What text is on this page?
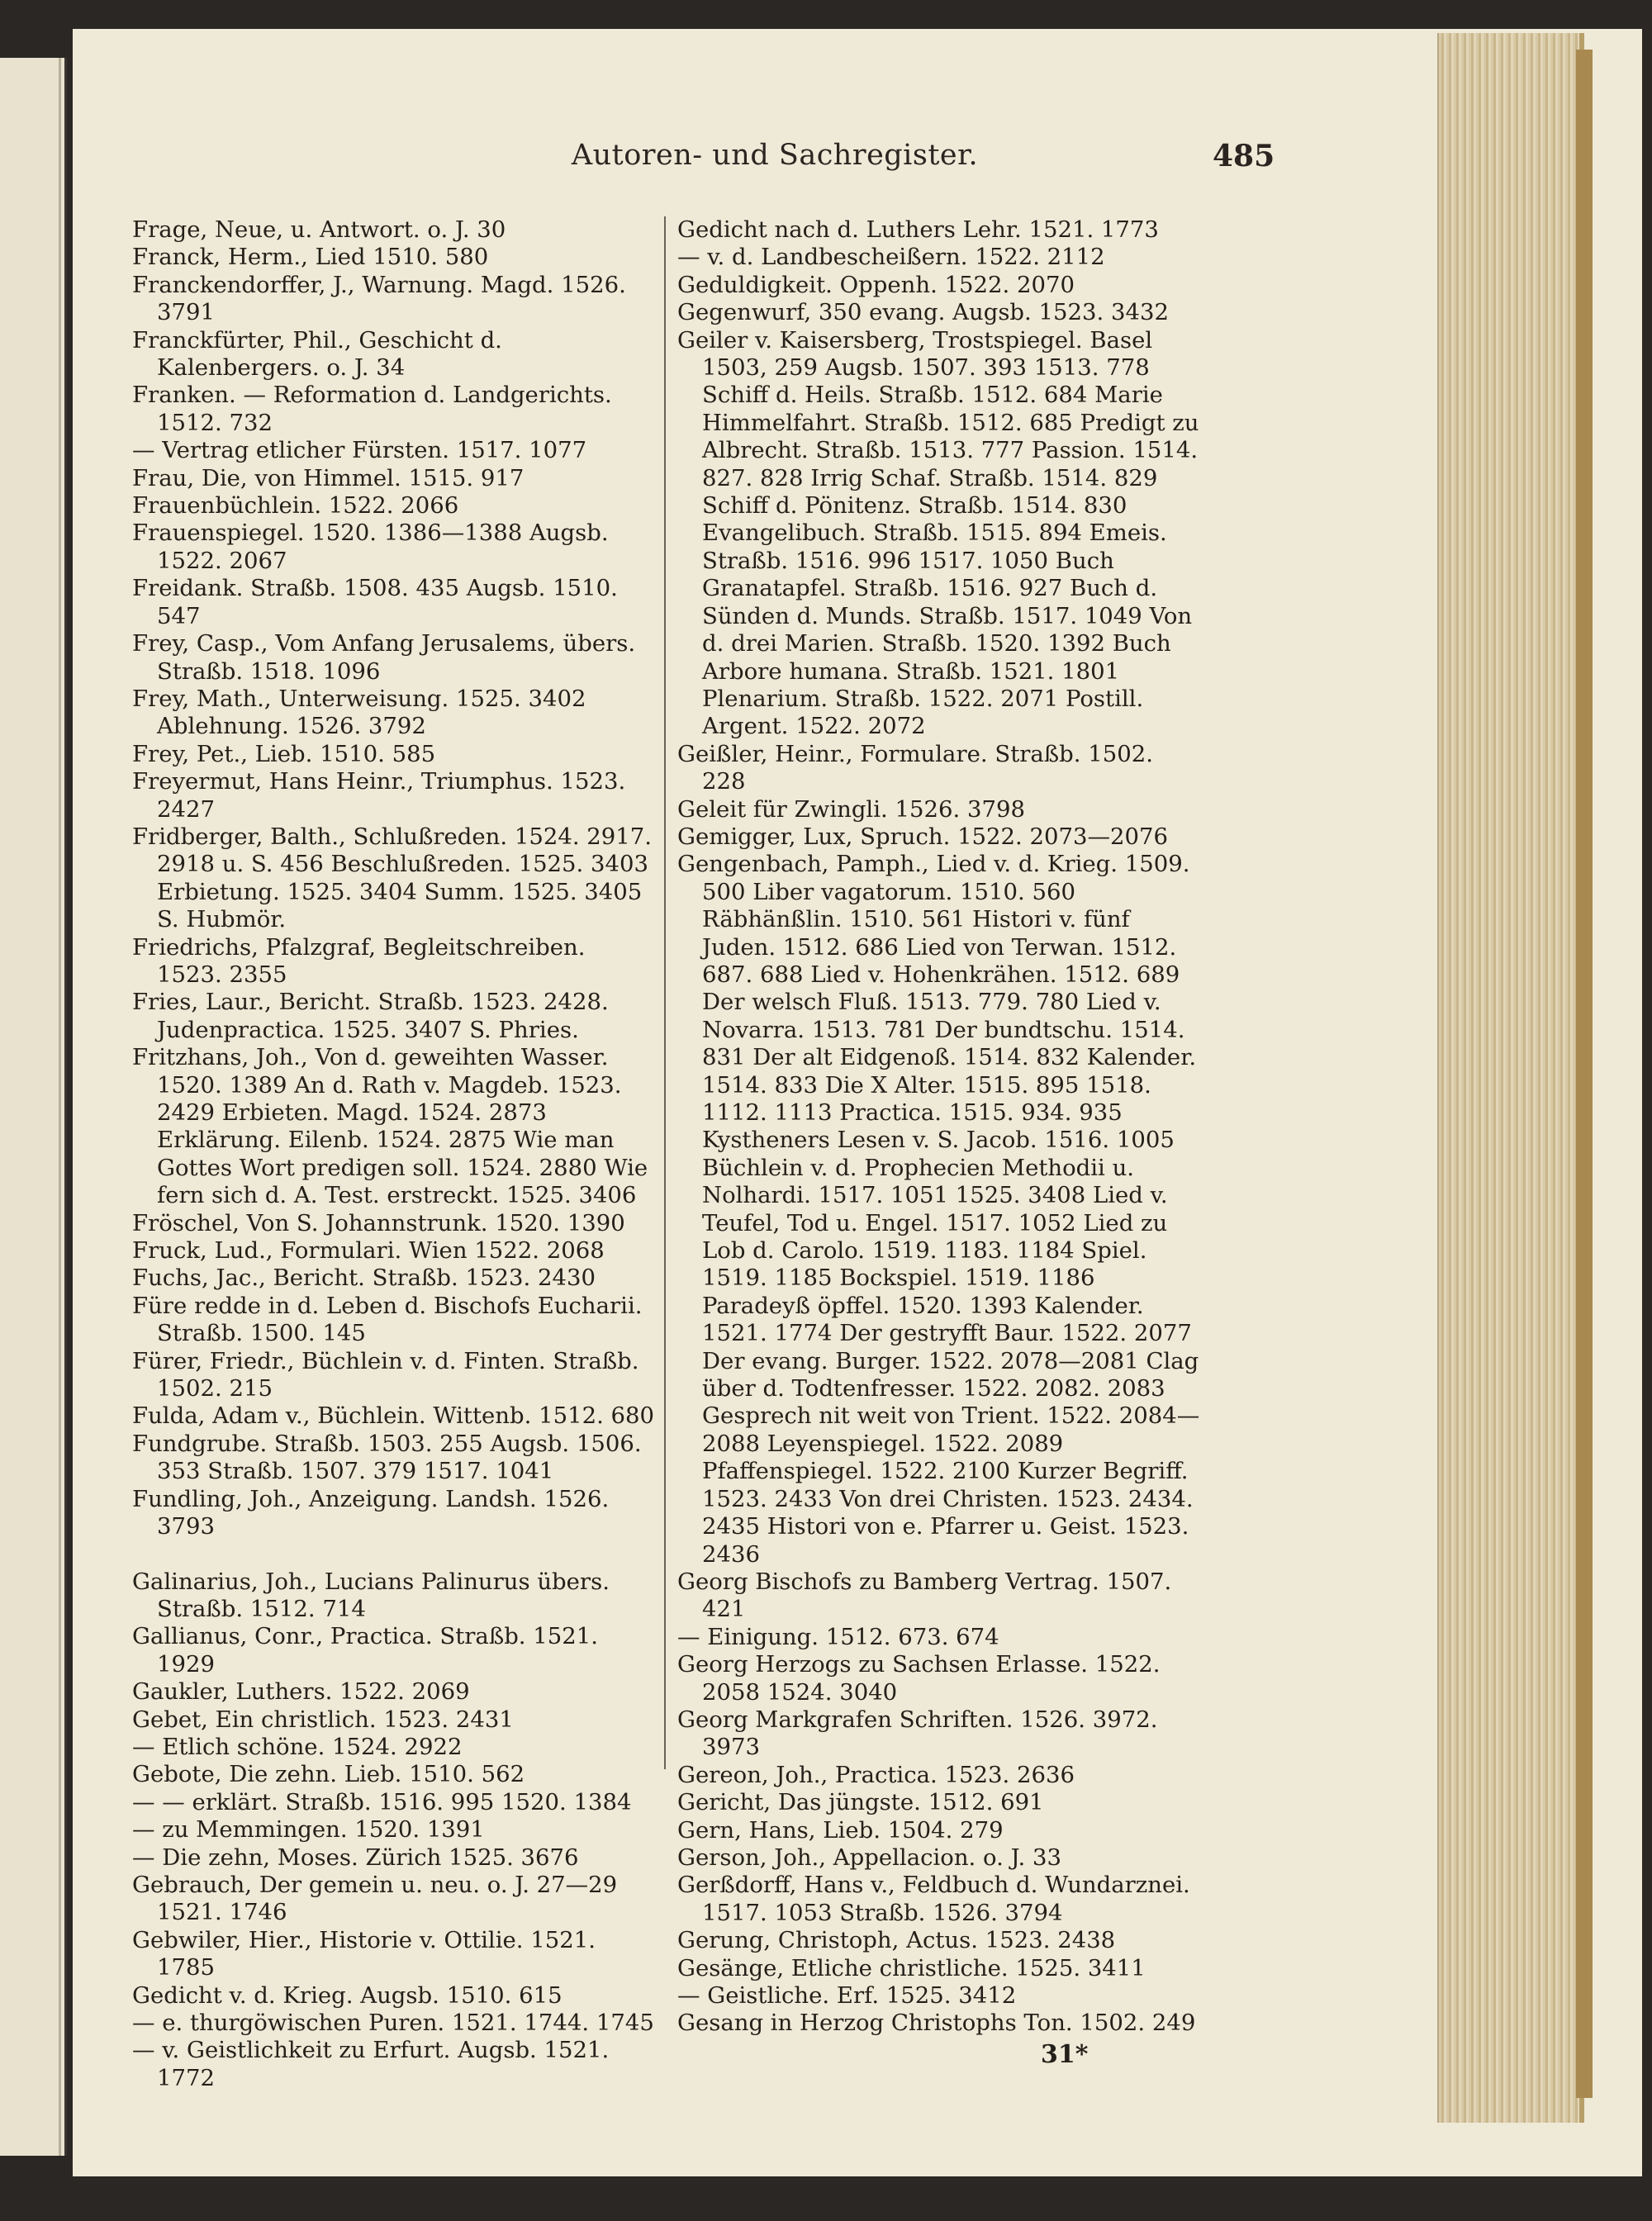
Autoren- und Sachregister.	485
Frage, Neue, u. Antwort. o. J. 30
Franck, Herm., Lied 1510. 580
Franckendorffer, J., Warnung. Magd. 1526. 3791
Franckfürter, Phil., Geschicht d. Kalenbergers. o. J. 34
Franken. — Reformation d. Landgerichts. 1512. 732
— Vertrag etlicher Fürsten. 1517. 1077
Frau, Die, von Himmel. 1515. 917
Frauenbüchlein. 1522. 2066
Frauenspiegel. 1520. 1386—1388 Augsb. 1522. 2067
Freidank. Straßb. 1508. 435 Augsb. 1510. 547
Frey, Casp., Vom Anfang Jerusalems, übers. Straßb. 1518. 1096
Frey, Math., Unterweisung. 1525. 3402 Ablehnung. 1526. 3792
Frey, Pet., Lieb. 1510. 585
Freyermut, Hans Heinr., Triumphus. 1523. 2427
Fridberger, Balth., Schlußreden. 1524. 2917. 2918 u. S. 456 Beschlußreden. 1525. 3403 Erbietung. 1525. 3404 Summ. 1525. 3405 S. Hubmör.
Friedrichs, Pfalzgraf, Begleitschreiben. 1523. 2355
Fries, Laur., Bericht. Straßb. 1523. 2428. Judenpractica. 1525. 3407 S. Phries.
Fritzhans, Joh., Von d. geweihten Wasser. 1520. 1389 An d. Rath v. Magdeb. 1523. 2429 Erbieten. Magd. 1524. 2873 Erklärung. Eilenb. 1524. 2875 Wie man Gottes Wort predigen soll. 1524. 2880 Wie fern sich d. A. Test. erstreckt. 1525. 3406
Fröschel, Von S. Johannstrunk. 1520. 1390
Fruck, Lud., Formulari. Wien 1522. 2068
Fuchs, Jac., Bericht. Straßb. 1523. 2430
Füre redde in d. Leben d. Bischofs Eucharii. Straßb. 1500. 145
Fürer, Friedr., Büchlein v. d. Finten. Straßb. 1502. 215
Fulda, Adam v., Büchlein. Wittenb. 1512. 680
Fundgrube. Straßb. 1503. 255 Augsb. 1506. 353 Straßb. 1507. 379 1517. 1041
Fundling, Joh., Anzeigung. Landsh. 1526. 3793
Galinarius, Joh., Lucians Palinurus übers. Straßb. 1512. 714
Gallianus, Conr., Practica. Straßb. 1521. 1929
Gaukler, Luthers. 1522. 2069
Gebet, Ein christlich. 1523. 2431
— Etlich schöne. 1524. 2922
Gebote, Die zehn. Lieb. 1510. 562
— — erklärt. Straßb. 1516. 995 1520. 1384
— zu Memmingen. 1520. 1391
— Die zehn, Moses. Zürich 1525. 3676
Gebrauch, Der gemein u. neu. o. J. 27—29 1521. 1746
Gebwiler, Hier., Historie v. Ottilie. 1521. 1785
Gedicht v. d. Krieg. Augsb. 1510. 615
— e. thurgöwischen Puren. 1521. 1744. 1745
— v. Geistlichkeit zu Erfurt. Augsb. 1521. 1772
Gedicht nach d. Luthers Lehr. 1521. 1773
— v. d. Landbescheißern. 1522. 2112
Geduldigkeit. Oppenh. 1522. 2070
Gegenwurf, 350 evang. Augsb. 1523. 3432
Geiler v. Kaisersberg, Trostspiegel. Basel 1503, 259 Augsb. 1507. 393 1513. 778 Schiff d. Heils. Straßb. 1512. 684 Marie Himmelfahrt. Straßb. 1512. 685 Predigt zu Albrecht. Straßb. 1513. 777 Passion. 1514. 827. 828 Irrig Schaf. Straßb. 1514. 829 Schiff d. Pönitenz. Straßb. 1514. 830 Evangelibuch. Straßb. 1515. 894 Emeis. Straßb. 1516. 996 1517. 1050 Buch Granatapfel. Straßb. 1516. 927 Buch d. Sünden d. Munds. Straßb. 1517. 1049 Von d. drei Marien. Straßb. 1520. 1392 Buch Arbore humana. Straßb. 1521. 1801 Plenarium. Straßb. 1522. 2071 Postill. Argent. 1522. 2072
Geißler, Heinr., Formulare. Straßb. 1502. 228
Geleit für Zwingli. 1526. 3798
Gemigger, Lux, Spruch. 1522. 2073—2076
Gengenbach, Pamph., Lied v. d. Krieg. 1509. 500 Liber vagatorum. 1510. 560 Räbhänßlin. 1510. 561 Histori v. fünf Juden. 1512. 686 Lied von Terwan. 1512. 687. 688 Lied v. Hohenkrähen. 1512. 689 Der welsch Fluß. 1513. 779. 780 Lied v. Novarra. 1513. 781 Der bundtschu. 1514. 831 Der alt Eidgenoß. 1514. 832 Kalender. 1514. 833 Die X Alter. 1515. 895 1518. 1112. 1113 Practica. 1515. 934. 935 Kystheners Lesen v. S. Jacob. 1516. 1005 Büchlein v. d. Prophecien Methodii u. Nolhardi. 1517. 1051 1525. 3408 Lied v. Teufel, Tod u. Engel. 1517. 1052 Lied zu Lob d. Carolo. 1519. 1183. 1184 Spiel. 1519. 1185 Bockspiel. 1519. 1186 Paradeyß öpffel. 1520. 1393 Kalender. 1521. 1774 Der gestryfft Baur. 1522. 2077 Der evang. Burger. 1522. 2078—2081 Clag über d. Todtenfresser. 1522. 2082. 2083 Gesprech nit weit von Trient. 1522. 2084—2088 Leyenspiegel. 1522. 2089 Pfaffenspiegel. 1522. 2100 Kurzer Begriff. 1523. 2433 Von drei Christen. 1523. 2434. 2435 Histori von e. Pfarrer u. Geist. 1523. 2436
Georg Bischofs zu Bamberg Vertrag. 1507. 421
— Einigung. 1512. 673. 674
Georg Herzogs zu Sachsen Erlasse. 1522. 2058 1524. 3040
Georg Markgrafen Schriften. 1526. 3972. 3973
Gereon, Joh., Practica. 1523. 2636
Gericht, Das jüngste. 1512. 691
Gern, Hans, Lieb. 1504. 279
Gerson, Joh., Appellacion. o. J. 33
Gerßdorff, Hans v., Feldbuch d. Wundarznei. 1517. 1053 Straßb. 1526. 3794
Gerung, Christoph, Actus. 1523. 2438
Gesänge, Etliche christliche. 1525. 3411
— Geistliche. Erf. 1525. 3412
Gesang in Herzog Christophs Ton. 1502. 249
31*
